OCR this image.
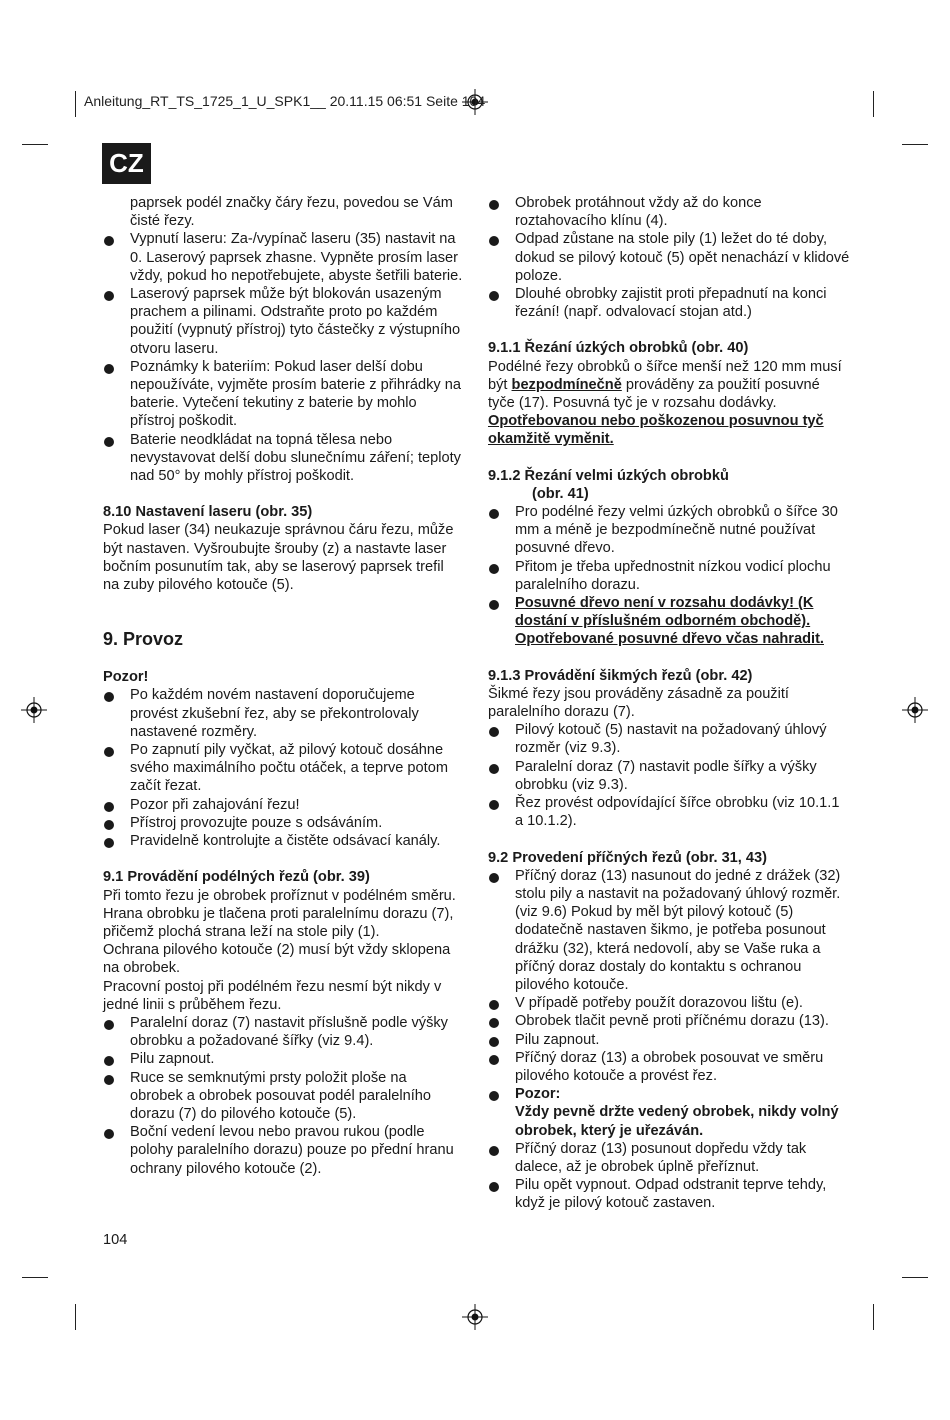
Anleitung_RT_TS_1725_1_U_SPK1__ 20.11.15 06:51 Seite 104
CZ

paprsek podél značky čáry řezu, povedou se Vám čisté řezy.

Vypnutí laseru: Za-/vypínač laseru (35) nastavit na 0. Laserový paprsek zhasne. Vypněte prosím laser vždy, pokud ho nepotřebujete, abyste šetřili baterie.
Laserový paprsek může být blokován usazeným prachem a pilinami. Odstraňte proto po každém použití (vypnutý přístroj) tyto částečky z výstupního otvoru laseru.
Poznámky k bateriím: Pokud laser delší dobu nepoužíváte, vyjměte prosím baterie z přihrádky na baterie. Vytečení tekutiny z baterie by mohlo přístroj poškodit.
Baterie neodkládat na topná tělesa nebo nevystavovat delší dobu slunečnímu záření; teploty nad 50° by mohly přístroj poškodit.
8.10 Nastavení laseru (obr. 35)

Pokud laser (34) neukazuje správnou čáru řezu, může být nastaven. Vyšroubujte šrouby (z) a nastavte laser bočním posunutím tak, aby se laserový paprsek trefil na zuby pilového kotouče (5).

9. Provoz
Pozor!
Po každém novém nastavení doporučujeme provést zkušební řez, aby se překontrolovaly nastavené rozměry.
Po zapnutí pily vyčkat, až pilový kotouč dosáhne svého maximálního počtu otáček, a teprve potom začít řezat.
Pozor při zahajování řezu!
Přístroj provozujte pouze s odsáváním.
Pravidelně kontrolujte a čistěte odsávací kanály.
9.1 Provádění podélných řezů (obr. 39)

Při tomto řezu je obrobek proříznut v podélném směru.

Hrana obrobku je tlačena proti paralelnímu dorazu (7), přičemž plochá strana leží na stole pily (1).

Ochrana pilového kotouče (2) musí být vždy sklopena na obrobek.

Pracovní postoj při podélném řezu nesmí být nikdy v jedné linii s průběhem řezu.

Paralelní doraz (7) nastavit příslušně podle výšky obrobku a požadované šířky (viz 9.4).
Pilu zapnout.
Ruce se semknutými prsty položit ploše na obrobek a obrobek posouvat podél paralelního dorazu (7) do pilového kotouče (5).
Boční vedení levou nebo pravou rukou (podle polohy paralelního dorazu) pouze po přední hranu ochrany pilového kotouče (2).
Obrobek protáhnout vždy až do konce roztahovacího klínu (4).
Odpad zůstane na stole pily (1) ležet do té doby, dokud se pilový kotouč (5) opět nenachází v klidové poloze.
Dlouhé obrobky zajistit proti přepadnutí na konci řezání! (např. odvalovací stojan atd.)
9.1.1 Řezání úzkých obrobků (obr. 40)

Podélné řezy obrobků o šířce menší než 120 mm musí být bezpodmínečně prováděny za použití posuvné tyče (17). Posuvná tyč je v rozsahu dodávky.

Opotřebovanou nebo poškozenou posuvnou tyč okamžitě vyměnit.

9.1.2 Řezání velmi úzkých obrobků
(obr. 41)
Pro podélné řezy velmi úzkých obrobků o šířce 30 mm a méně je bezpodmínečně nutné používat posuvné dřevo.
Přitom je třeba upřednostnit nízkou vodicí plochu paralelního dorazu.
Posuvné dřevo není v rozsahu dodávky! (K dostání v příslušném odborném obchodě). Opotřebované posuvné dřevo včas nahradit.
9.1.3 Provádění šikmých řezů (obr. 42)

Šikmé řezy jsou prováděny zásadně za použití paralelního dorazu (7).

Pilový kotouč (5) nastavit na požadovaný úhlový rozměr (viz 9.3).
Paralelní doraz (7) nastavit podle šířky a výšky obrobku (viz 9.3).
Řez provést odpovídající šířce obrobku (viz 10.1.1 a 10.1.2).
9.2 Provedení příčných řezů (obr. 31, 43)
Příčný doraz (13) nasunout do jedné z drážek (32) stolu pily a nastavit na požadovaný úhlový rozměr. (viz 9.6) Pokud by měl být pilový kotouč (5) dodatečně nastaven šikmo, je potřeba posunout drážku (32), která nedovolí, aby se Vaše ruka a příčný doraz dostaly do kontaktu s ochranou pilového kotouče.
V případě potřeby použít dorazovou lištu (e).
Obrobek tlačit pevně proti příčnému dorazu (13).
Pilu zapnout.
Příčný doraz (13) a obrobek posouvat ve směru pilového kotouče a provést řez.
Pozor:
Vždy pevně držte vedený obrobek, nikdy volný obrobek, který je uřezáván.
Příčný doraz (13) posunout dopředu vždy tak dalece, až je obrobek úplně přeříznut.
Pilu opět vypnout. Odpad odstranit teprve tehdy, když je pilový kotouč zastaven.
104
